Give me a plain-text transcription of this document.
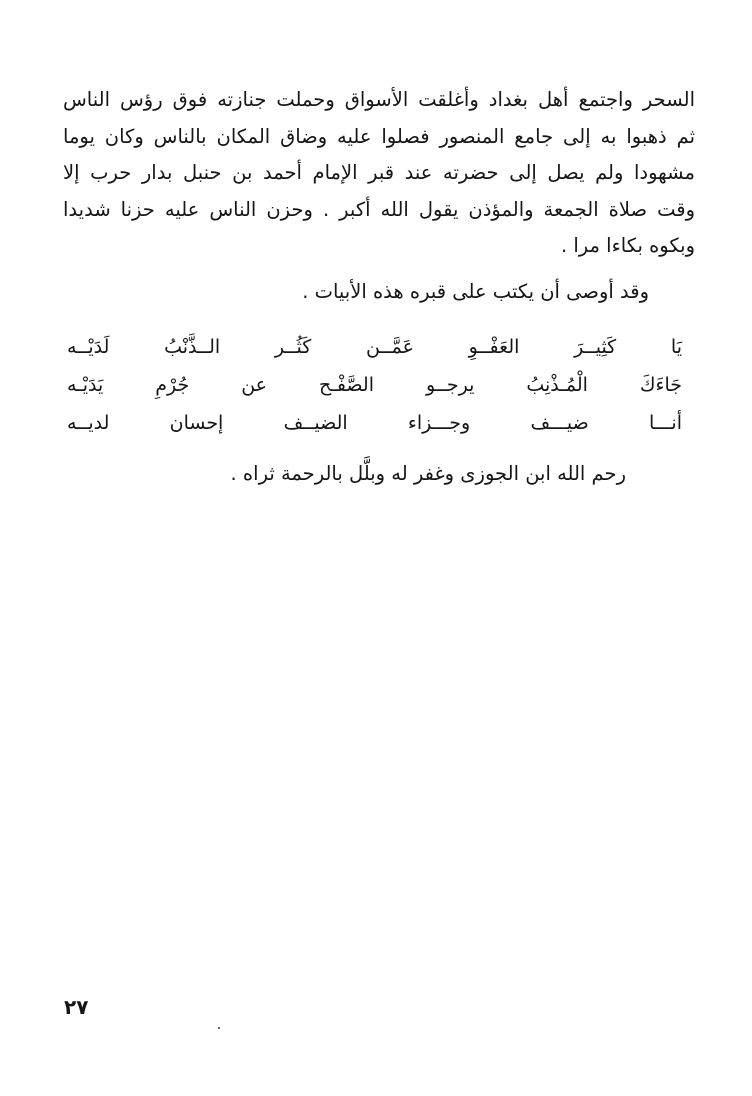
السحر واجتمع أهل بغداد وأغلقت الأسواق وحملت جنازته فوق رؤس الناس
ثم ذهبوا به إلى جامع المنصور فصلوا عليه وضاق المكان بالناس وكان يوما
مشهودا ولم يصل إلى حضرته عند قبر الإمام أحمد بن حنبل بدار حرب إلا
وقت صلاة الجمعة والمؤذن يقول الله أكبر . وحزن الناس عليه حزنا شديدا
وبكوه بكاءا مرا .

وقد أوصى أن يكتب على قبره هذه الأبيات .

يَا
كَثِيــرَ
العَفْــوِ
عَمَّــن
كَثُــر
الــذَّنْبُ
لَدَيْــه
جَاءَكَ
الْمُـذْنِبُ
يرجــو
الصَّفْـح
عن
جُرْمِ
يَدَيْـه
أنـــا
ضيـــف
وجـــزاء
الضيــف
إحسان
لديــه

رحم الله ابن الجوزى وغفر له وبلَّل بالرحمة ثراه .

٢٧
